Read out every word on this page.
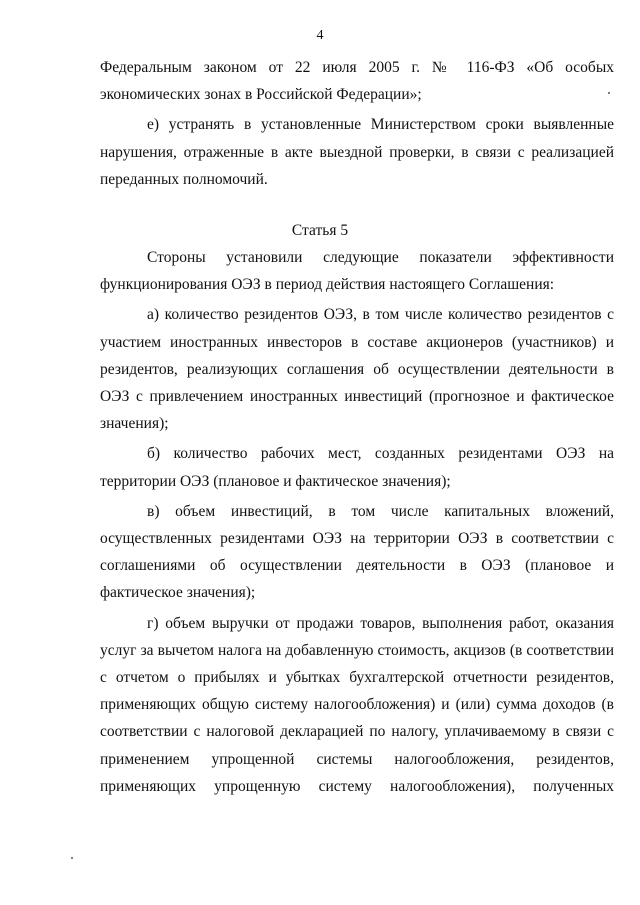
4

Федеральным законом от 22 июля 2005 г. № 116-ФЗ «Об особых экономических зонах в Российской Федерации»;

е) устранять в установленные Министерством сроки выявленные нарушения, отраженные в акте выездной проверки, в связи с реализацией переданных полномочий.

Статья 5

Стороны установили следующие показатели эффективности функционирования ОЭЗ в период действия настоящего Соглашения:

а) количество резидентов ОЭЗ, в том числе количество резидентов с участием иностранных инвесторов в составе акционеров (участников) и резидентов, реализующих соглашения об осуществлении деятельности в ОЭЗ с привлечением иностранных инвестиций (прогнозное и фактическое значения);

б) количество рабочих мест, созданных резидентами ОЭЗ на территории ОЭЗ (плановое и фактическое значения);

в) объем инвестиций, в том числе капитальных вложений, осуществленных резидентами ОЭЗ на территории ОЭЗ в соответствии с соглашениями об осуществлении деятельности в ОЭЗ (плановое и фактическое значения);

г) объем выручки от продажи товаров, выполнения работ, оказания услуг за вычетом налога на добавленную стоимость, акцизов (в соответствии с отчетом о прибылях и убытках бухгалтерской отчетности резидентов, применяющих общую систему налогообложения) и (или) сумма доходов (в соответствии с налоговой декларацией по налогу, уплачиваемому в связи с применением упрощенной системы налогообложения, резидентов, применяющих упрощенную систему налогообложения), полученных
